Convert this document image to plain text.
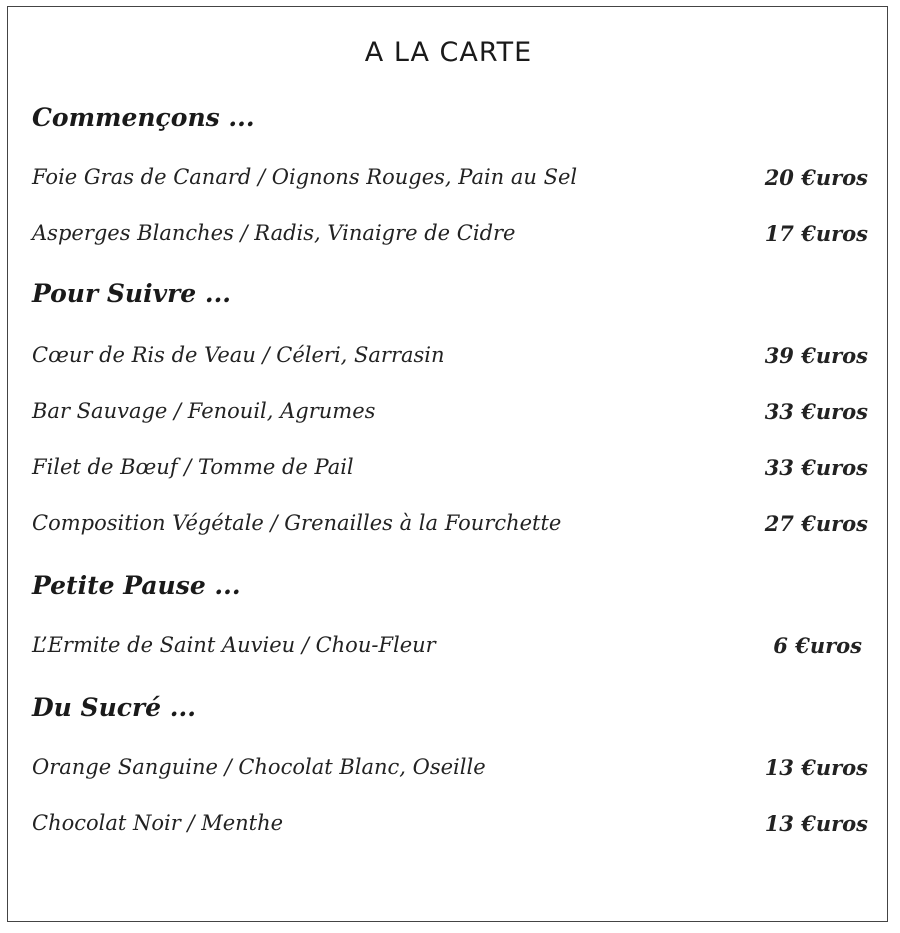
A LA CARTE
Commençons ...
Foie Gras de Canard / Oignons Rouges, Pain au Sel	20 €uros
Asperges Blanches / Radis, Vinaigre de Cidre	17 €uros
Pour Suivre ...
Cœur de Ris de Veau / Céleri, Sarrasin	39 €uros
Bar Sauvage / Fenouil, Agrumes	33 €uros
Filet de Bœuf / Tomme de Pail	33 €uros
Composition Végétale / Grenailles à la Fourchette	27 €uros
Petite Pause ...
L’Ermite de Saint Auvieu / Chou-Fleur	6 €uros
Du Sucré ...
Orange Sanguine / Chocolat Blanc, Oseille	13 €uros
Chocolat Noir / Menthe	13 €uros
